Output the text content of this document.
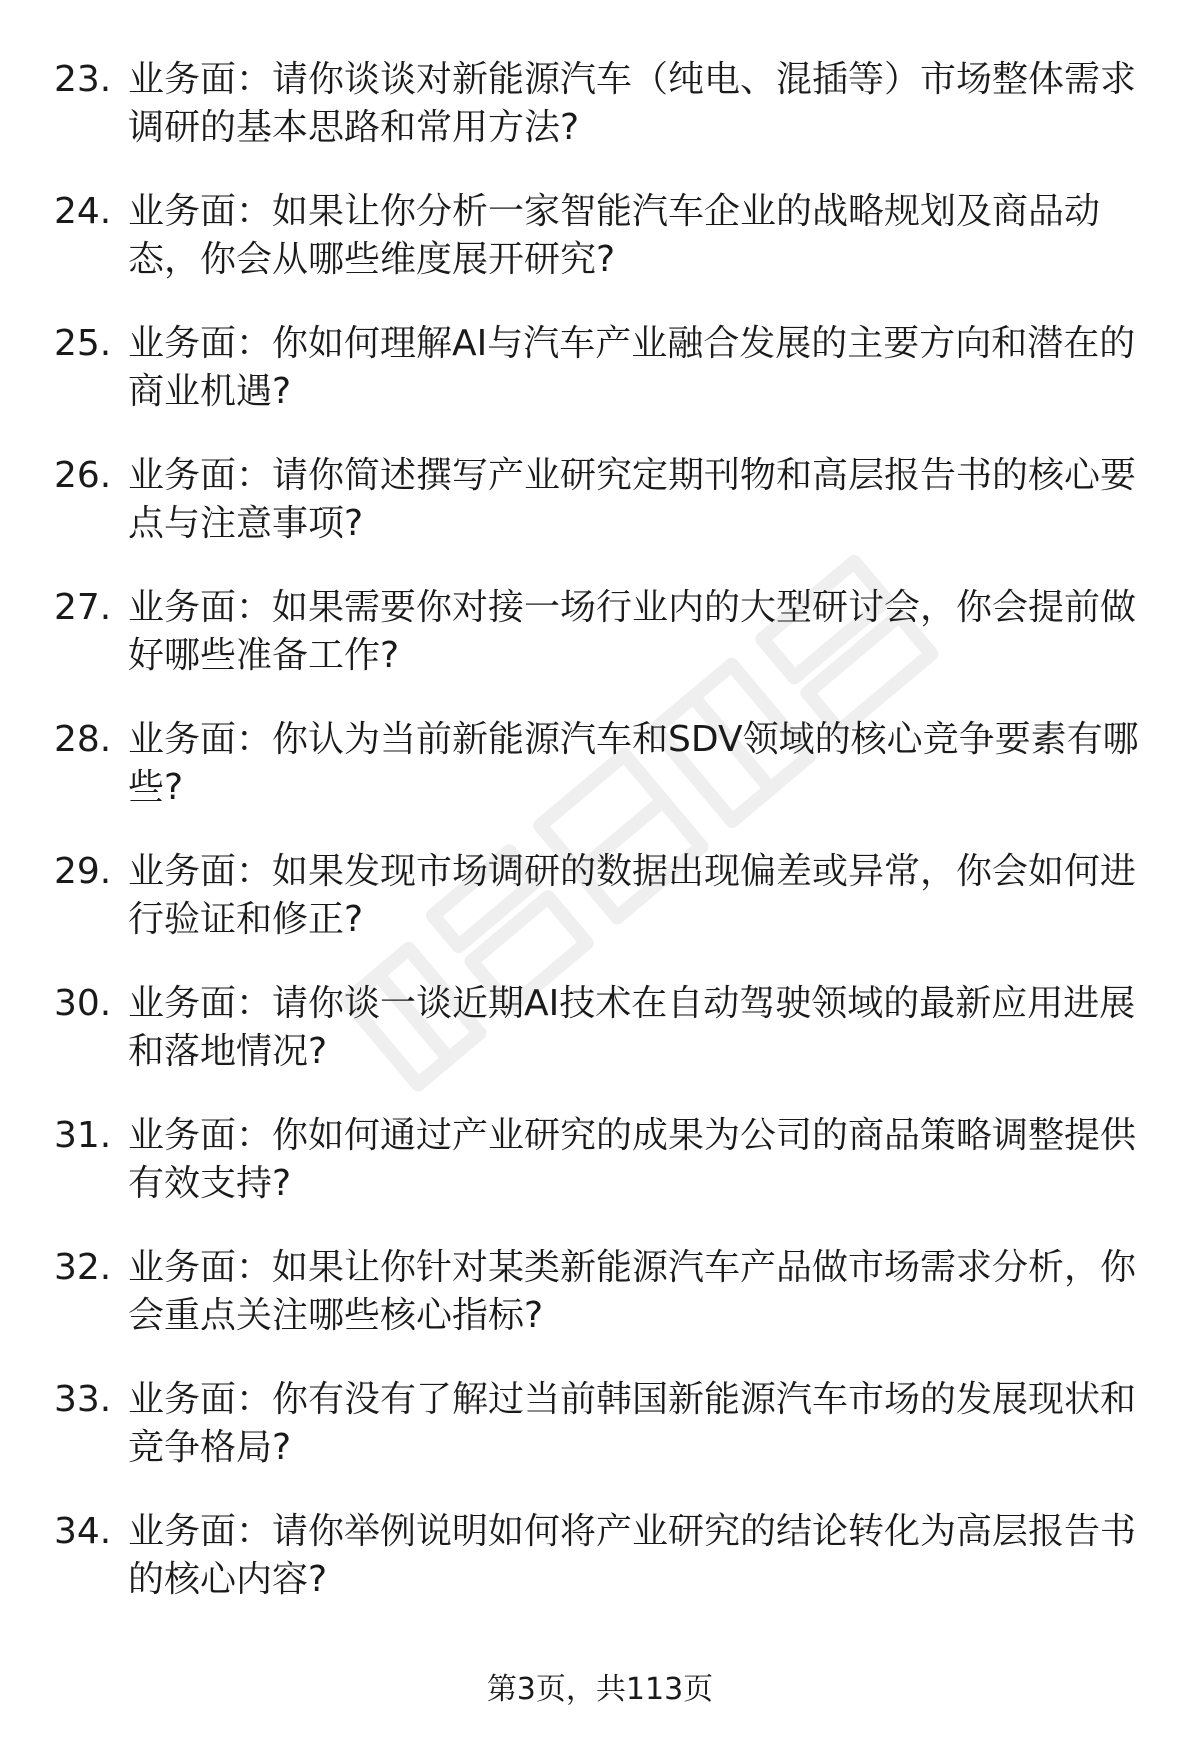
23. 业务面：请你谈谈对新能源汽车（纯电、混插等）市场整体需求调研的基本思路和常用方法?
24. 业务面：如果让你分析一家智能汽车企业的战略规划及商品动态，你会从哪些维度展开研究?
25. 业务面：你如何理解AI与汽车产业融合发展的主要方向和潜在的商业机遇?
26. 业务面：请你简述撰写产业研究定期刊物和高层报告书的核心要点与注意事项?
27. 业务面：如果需要你对接一场行业内的大型研讨会，你会提前做好哪些准备工作?
28. 业务面：你认为当前新能源汽车和SDV领域的核心竞争要素有哪些?
29. 业务面：如果发现市场调研的数据出现偏差或异常，你会如何进行验证和修正?
30. 业务面：请你谈一谈近期AI技术在自动驾驶领域的最新应用进展和落地情况?
31. 业务面：你如何通过产业研究的成果为公司的商品策略调整提供有效支持?
32. 业务面：如果让你针对某类新能源汽车产品做市场需求分析，你会重点关注哪些核心指标?
33. 业务面：你有没有了解过当前韩国新能源汽车市场的发展现状和竞争格局?
34. 业务面：请你举例说明如何将产业研究的结论转化为高层报告书的核心内容?
第3页，共113页
